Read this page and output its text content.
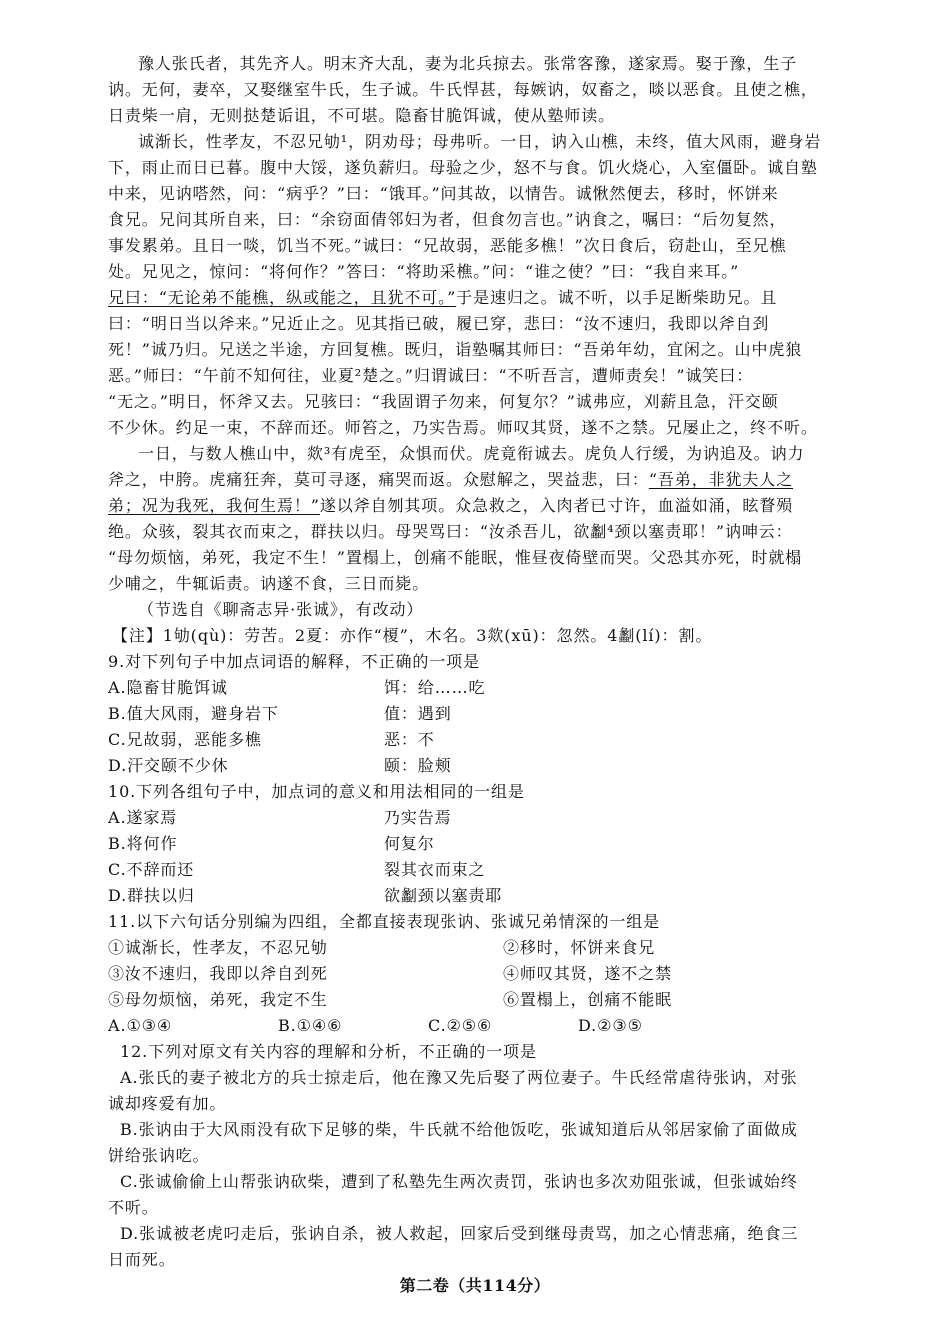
豫人张氏者，其先齐人。明末齐大乱，妻为北兵掠去。张常客豫，遂家焉。娶于豫，生子
讷。无何，妻卒，又娶继室牛氏，生子诚。牛氏悍甚，每嫉讷，奴畜之，啖以恶食。且使之樵，
日责柴一肩，无则挞楚诟诅，不可堪。隐畜甘脆饵诚，使从塾师读。
诚渐长，性孝友，不忍兄劬¹，阴劝母；母弗听。一日，讷入山樵，未终，值大风雨，避身岩
下，雨止而日已暮。腹中大馁，遂负薪归。母验之少，怒不与食。饥火烧心，入室僵卧。诚自塾
中来，见讷嗒然，问：“病乎？”曰：“饿耳。”问其故，以情告。诚愀然便去，移时，怀饼来
食兄。兄问其所自来，曰：“余窃面倩邻妇为者，但食勿言也。”讷食之，嘱曰：“后勿复然，
事发累弟。且日一啖，饥当不死。”诚曰：“兄故弱，恶能多樵！”次日食后，窃赴山，至兄樵
处。兄见之，惊问：“将何作？”答曰：“将助采樵。”问：“谁之使？”曰：“我自来耳。”
兄曰：“无论弟不能樵，纵或能之，且犹不可。”于是速归之。诚不听，以手足断柴助兄。且
曰：“明日当以斧来。”兄近止之。见其指已破，履已穿，悲曰：“汝不速归，我即以斧自刭
死！”诚乃归。兄送之半途，方回复樵。既归，诣塾嘱其师曰：“吾弟年幼，宜闲之。山中虎狼
恶。”师曰：“午前不知何往，业夏²楚之。”归谓诚曰：“不听吾言，遭师责矣！”诚笑曰：
“无之。”明日，怀斧又去。兄骇曰：“我固谓子勿来，何复尔？”诚弗应，刈薪且急，汗交颐
不少休。约足一束，不辞而还。师笞之，乃实告焉。师叹其贤，遂不之禁。兄屡止之，终不听。
一日，与数人樵山中，欻³有虎至，众惧而伏。虎竟衔诚去。虎负人行缓，为讷追及。讷力
斧之，中胯。虎痛狂奔，莫可寻逐，痛哭而返。众慰解之，哭益悲，曰：“吾弟，非犹夫人之
弟；况为我死，我何生焉！”遂以斧自刎其项。众急救之，入肉者已寸许，血溢如涌，眩瞀殒
绝。众骇，裂其衣而束之，群扶以归。母哭骂曰：“汝杀吾儿，欲劙⁴颈以塞责耶！”讷呻云：
“母勿烦恼，弟死，我定不生！”置榻上，创痛不能眠，惟昼夜倚壁而哭。父恐其亦死，时就榻
少哺之，牛辄诟责。讷遂不食，三日而毙。
（节选自《聊斋志异·张诚》，有改动）
【注】1劬(qù)：劳苦。2夏：亦作“榎”，木名。3欻(xū)：忽然。4劙(lí)：割。
9.对下列句子中加点词语的解释，不正确的一项是
A.隐畜甘脆饵诚	饵：给……吃
B.值大风雨，避身岩下	值：遇到
C.兄故弱，恶能多樵	恶：不
D.汗交颐不少休	颐：脸颊
10.下列各组句子中，加点词的意义和用法相同的一组是
A.遂家焉	乃实告焉
B.将何作	何复尔
C.不辞而还	裂其衣而束之
D.群扶以归	欲劙颈以塞责耶
11.以下六句话分别编为四组，全都直接表现张讷、张诚兄弟情深的一组是
①诚渐长，性孝友，不忍兄劬	②移时，怀饼来食兄
③汝不速归，我即以斧自刭死	④师叹其贤，遂不之禁
⑤母勿烦恼，弟死，我定不生	⑥置榻上，创痛不能眠
A.①③④	B.①④⑥	C.②⑤⑥	D.②③⑤
12.下列对原文有关内容的理解和分析，不正确的一项是
A.张氏的妻子被北方的兵士掠走后，他在豫又先后娶了两位妻子。牛氏经常虐待张讷，对张
诚却疼爱有加。
B.张讷由于大风雨没有砍下足够的柴，牛氏就不给他饭吃，张诚知道后从邻居家偷了面做成
饼给张讷吃。
C.张诚偷偷上山帮张讷砍柴，遭到了私塾先生两次责罚，张讷也多次劝阻张诚，但张诚始终
不听。
D.张诚被老虎叼走后，张讷自杀，被人救起，回家后受到继母责骂，加之心情悲痛，绝食三
日而死。
第二卷（共114分）
